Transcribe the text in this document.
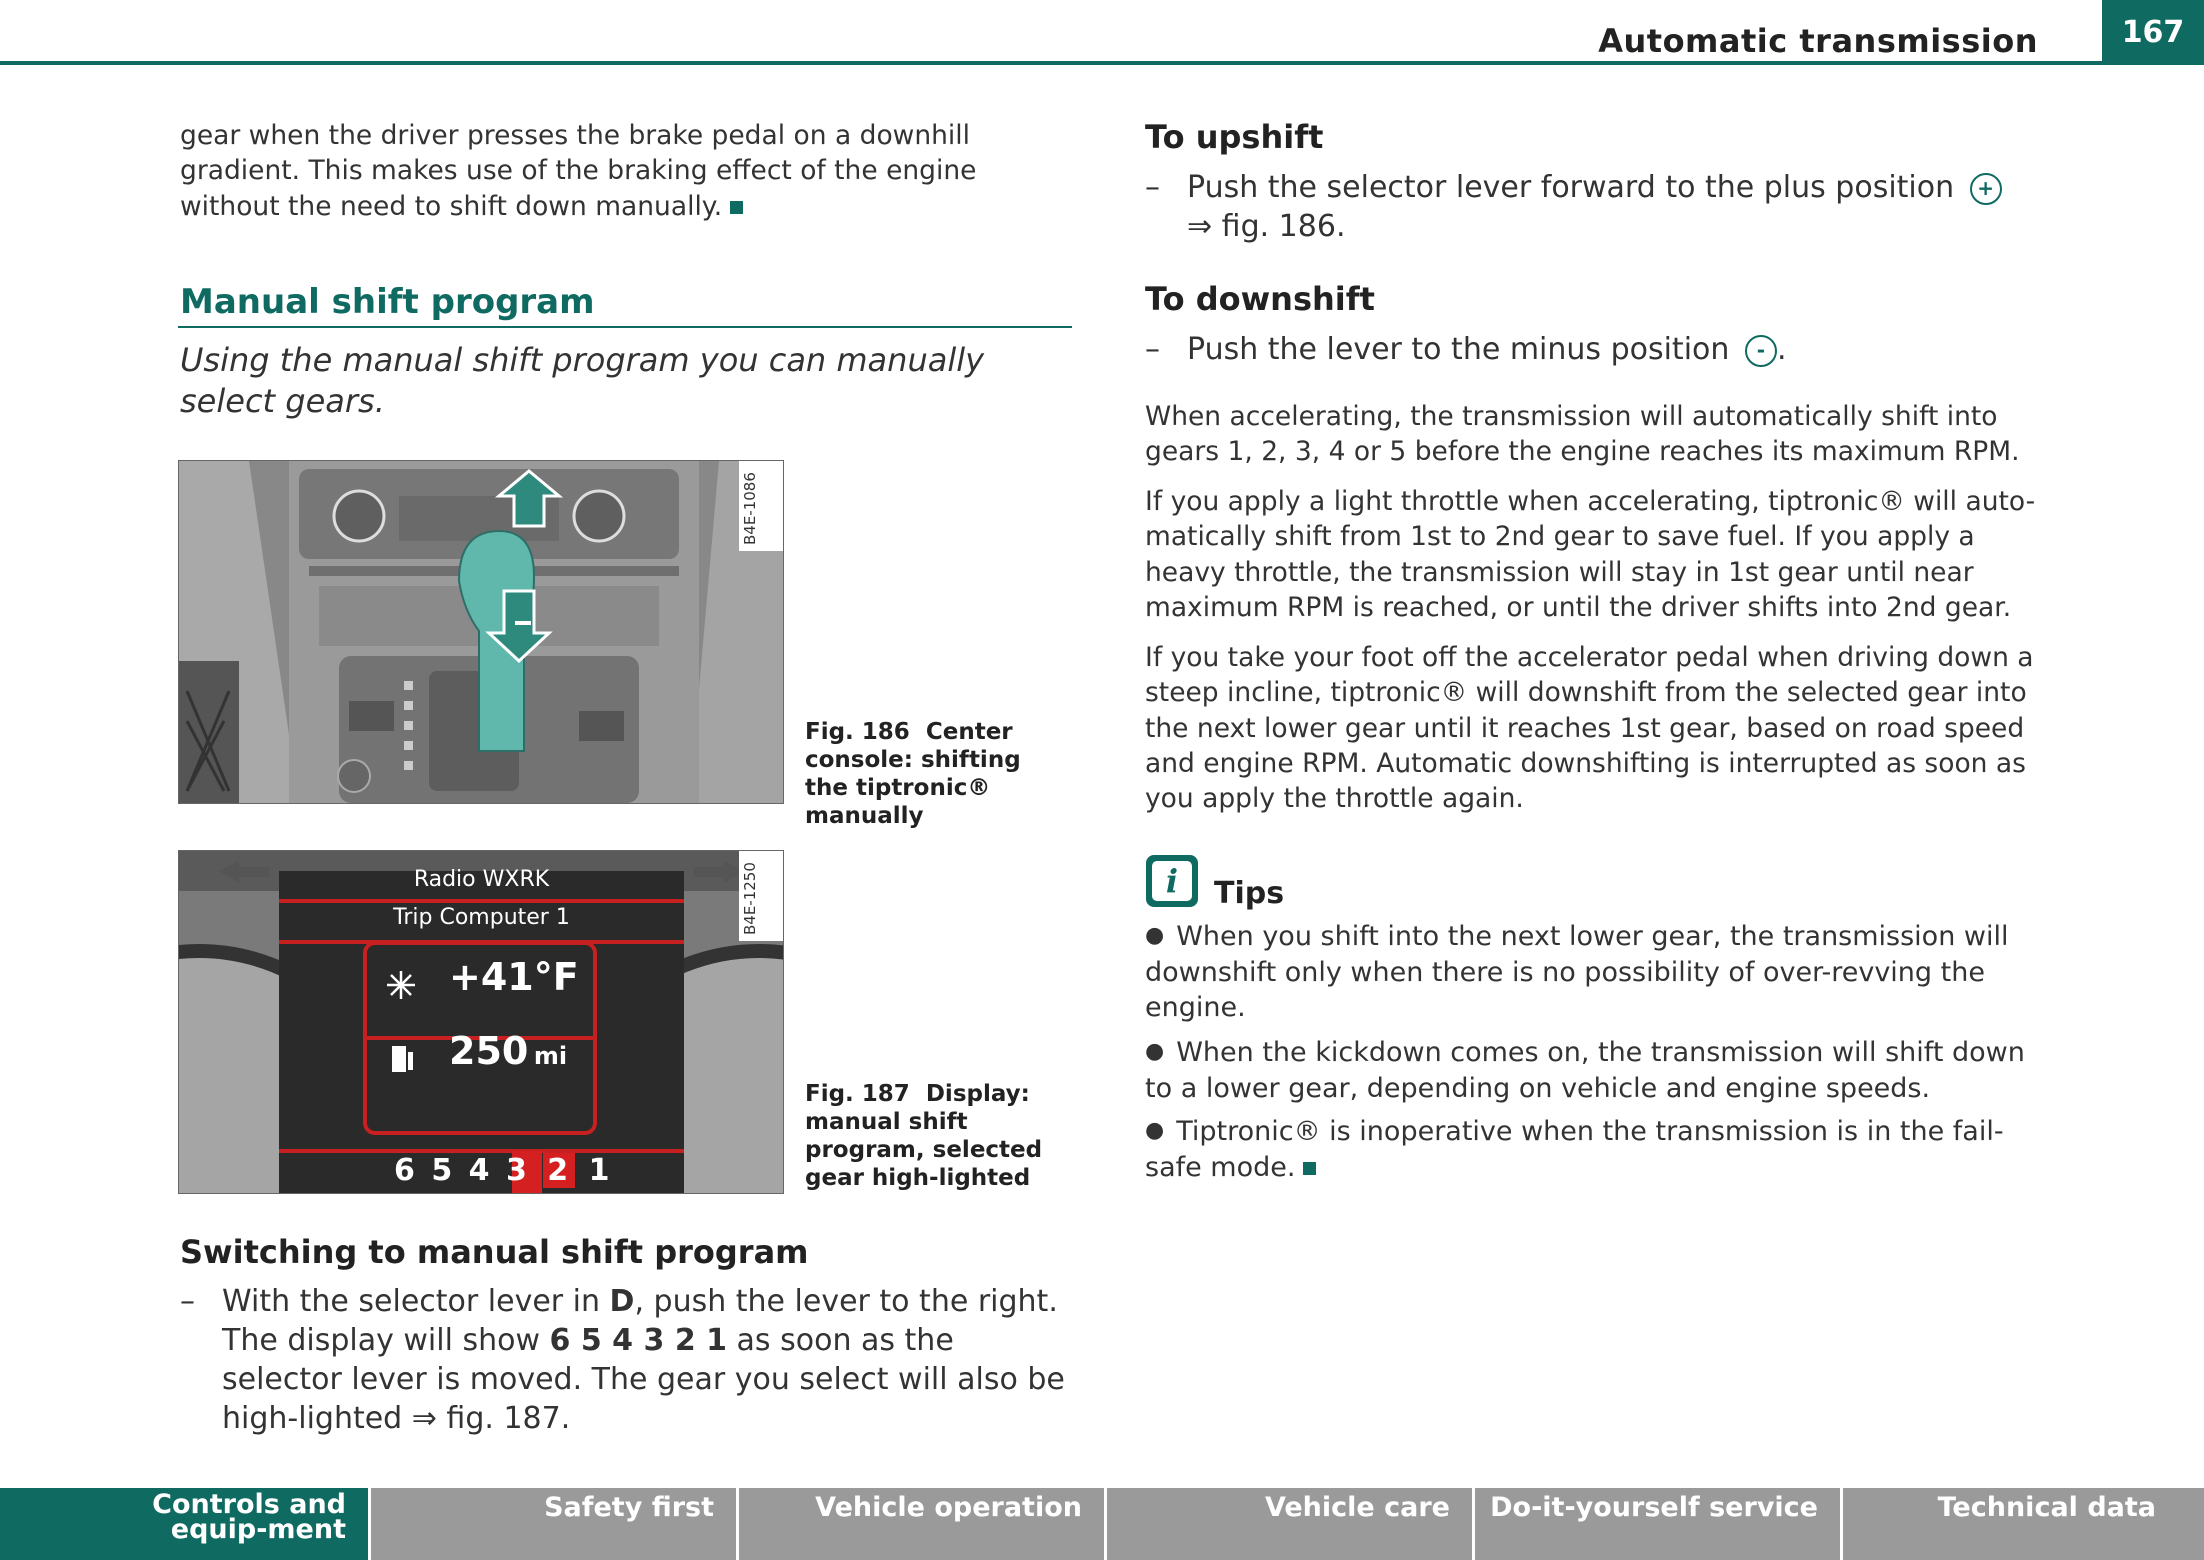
Automatic transmission	167
gear when the driver presses the brake pedal on a downhill gradient. This makes use of the braking effect of the engine without the need to shift down manually.
Manual shift program
Using the manual shift program you can manually select gears.
B4E-1086
Fig. 186 Center console: shifting the tiptronic® manually
Radio WXRK
Trip Computer 1
+41°F
250 mi
6 5 4 3 2 1
B4E-1250
Fig. 187 Display: manual shift program, selected gear high-lighted
Switching to manual shift program
– With the selector lever in D, push the lever to the right. The display will show 6 5 4 3 2 1 as soon as the selector lever is moved. The gear you select will also be high-lighted ⇒ fig. 187.
To upshift
– Push the selector lever forward to the plus position +
⇒ fig. 186.
To downshift
– Push the lever to the minus position - .
When accelerating, the transmission will automatically shift into gears 1, 2, 3, 4 or 5 before the engine reaches its maximum RPM.
If you apply a light throttle when accelerating, tiptronic® will auto-matically shift from 1st to 2nd gear to save fuel. If you apply a heavy throttle, the transmission will stay in 1st gear until near maximum RPM is reached, or until the driver shifts into 2nd gear.
If you take your foot off the accelerator pedal when driving down a steep incline, tiptronic® will downshift from the selected gear into the next lower gear until it reaches 1st gear, based on road speed and engine RPM. Automatic downshifting is interrupted as soon as you apply the throttle again.
i	Tips
● When you shift into the next lower gear, the transmission will downshift only when there is no possibility of over-revving the engine.
● When the kickdown comes on, the transmission will shift down to a lower gear, depending on vehicle and engine speeds.
● Tiptronic® is inoperative when the transmission is in the fail-safe mode.
Controls and equip-ment
Safety first	Vehicle operation	Vehicle care	Do-it-yourself service	Technical data
